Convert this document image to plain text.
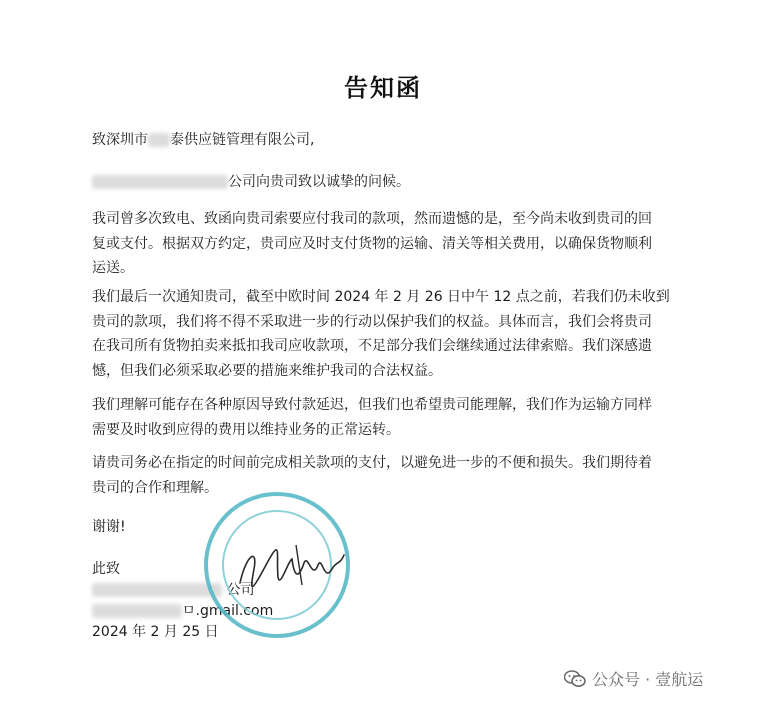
告知函
致深圳市 泰供应链管理有限公司,
公司向贵司致以诚挚的问候。
我司曾多次致电、致函向贵司索要应付我司的款项，然而遗憾的是，至今尚未收到贵司的回
复或支付。根据双方约定，贵司应及时支付货物的运输、清关等相关费用，以确保货物顺利
运送。
我们最后一次通知贵司，截至中欧时间 2024 年 2 月 26 日中午 12 点之前，若我们仍未收到
贵司的款项，我们将不得不采取进一步的行动以保护我们的权益。具体而言，我们会将贵司
在我司所有货物拍卖来抵扣我司应收款项，不足部分我们会继续通过法律索赔。我们深感遗
憾，但我们必须采取必要的措施来维护我司的合法权益。
我们理解可能存在各种原因导致付款延迟，但我们也希望贵司能理解，我们作为运输方同样
需要及时收到应得的费用以维持业务的正常运转。
请贵司务必在指定的时间前完成相关款项的支付，以避免进一步的不便和损失。我们期待着
贵司的合作和理解。
谢谢!
此致
公司
ㅁ.gmail.com
2024 年 2 月 25 日
公众号 · 壹航运
